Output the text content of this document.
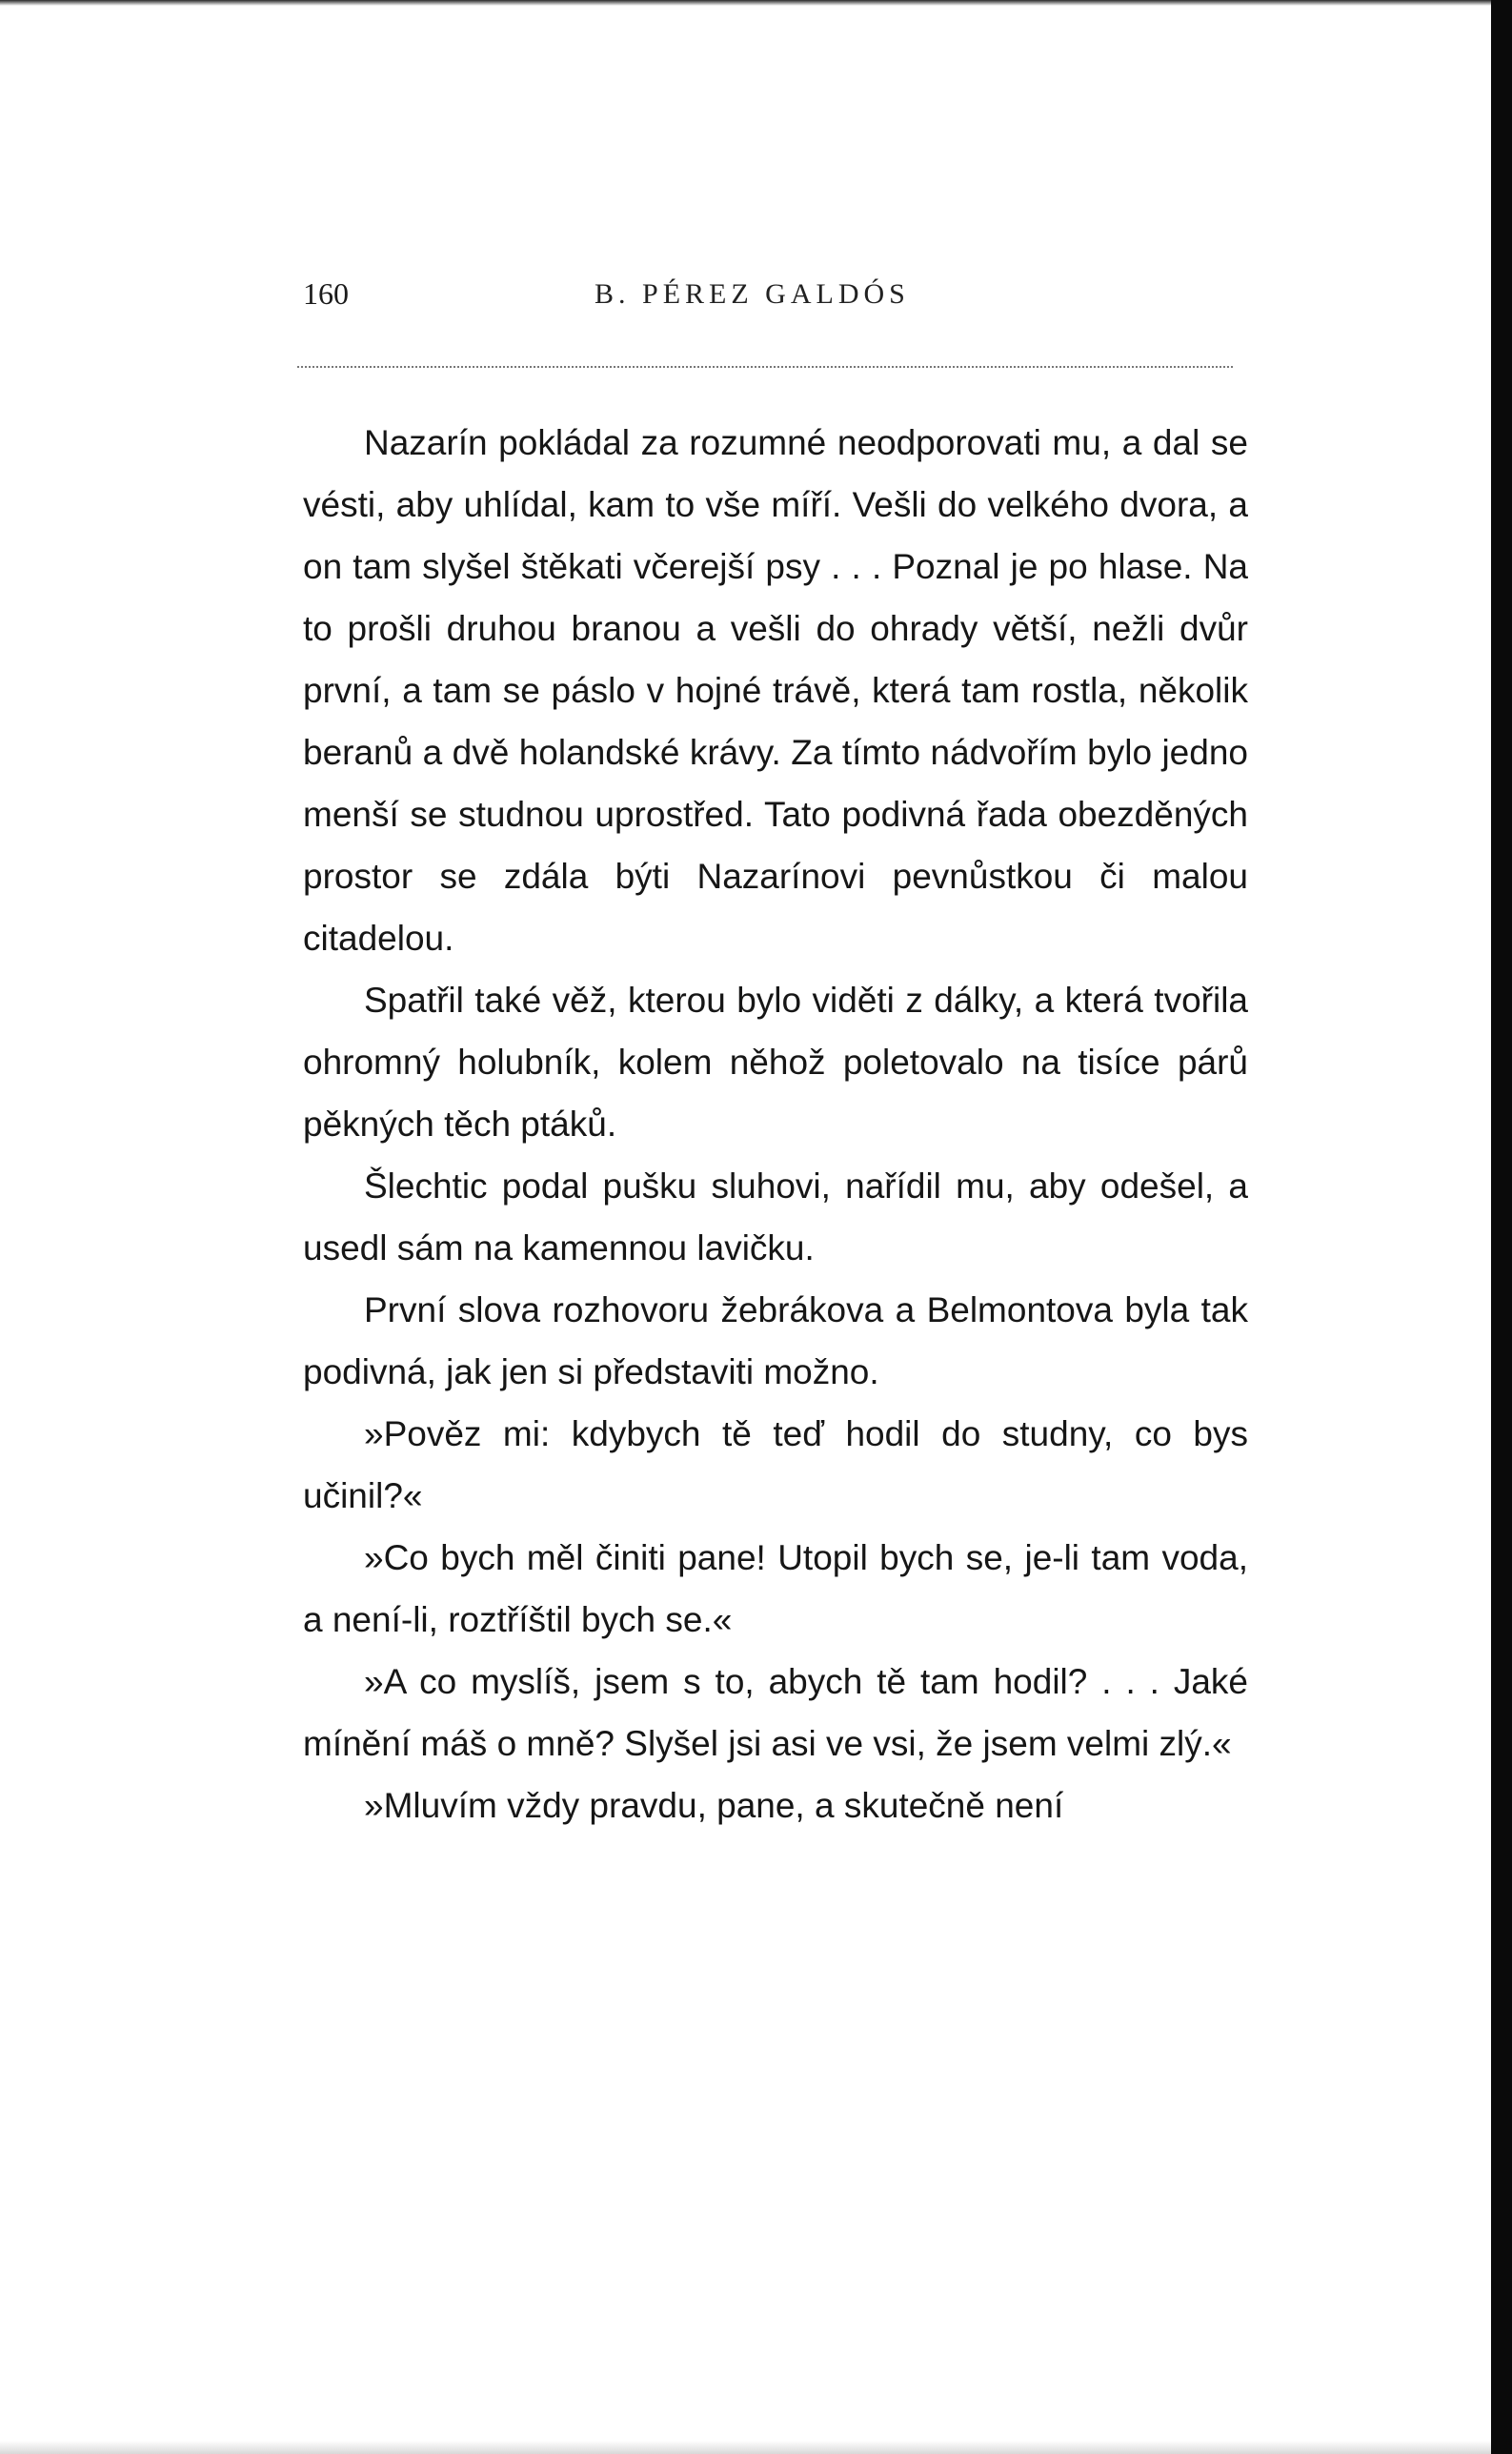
160	B. PÉREZ GALDÓS

Nazarín pokládal za rozumné neodporovati mu, a dal se vésti, aby uhlídal, kam to vše míří. Vešli do velkého dvora, a on tam slyšel štěkati včerejší psy . . . Poznal je po hlase. Na to prošli druhou branou a vešli do ohrady větší, nežli dvůr první, a tam se páslo v hojné trávě, která tam rostla, několik beranů a dvě holandské krávy. Za tímto nádvořím bylo jedno menší se studnou uprostřed. Tato podivná řada obezděných prostor se zdála býti Nazarínovi pevnůstkou či malou citadelou.

Spatřil také věž, kterou bylo viděti z dálky, a která tvořila ohromný holubník, kolem něhož poletovalo na tisíce párů pěkných těch ptáků.

Šlechtic podal pušku sluhovi, nařídil mu, aby odešel, a usedl sám na kamennou lavičku.

První slova rozhovoru žebrákova a Belmontova byla tak podivná, jak jen si představiti možno.

»Pověz mi: kdybych tě teď hodil do studny, co bys učinil?«

»Co bych měl činiti pane! Utopil bych se, je-li tam voda, a není-li, roztříštil bych se.«

»A co myslíš, jsem s to, abych tě tam hodil? . . . Jaké mínění máš o mně? Slyšel jsi asi ve vsi, že jsem velmi zlý.«

»Mluvím vždy pravdu, pane, a skutečně není
